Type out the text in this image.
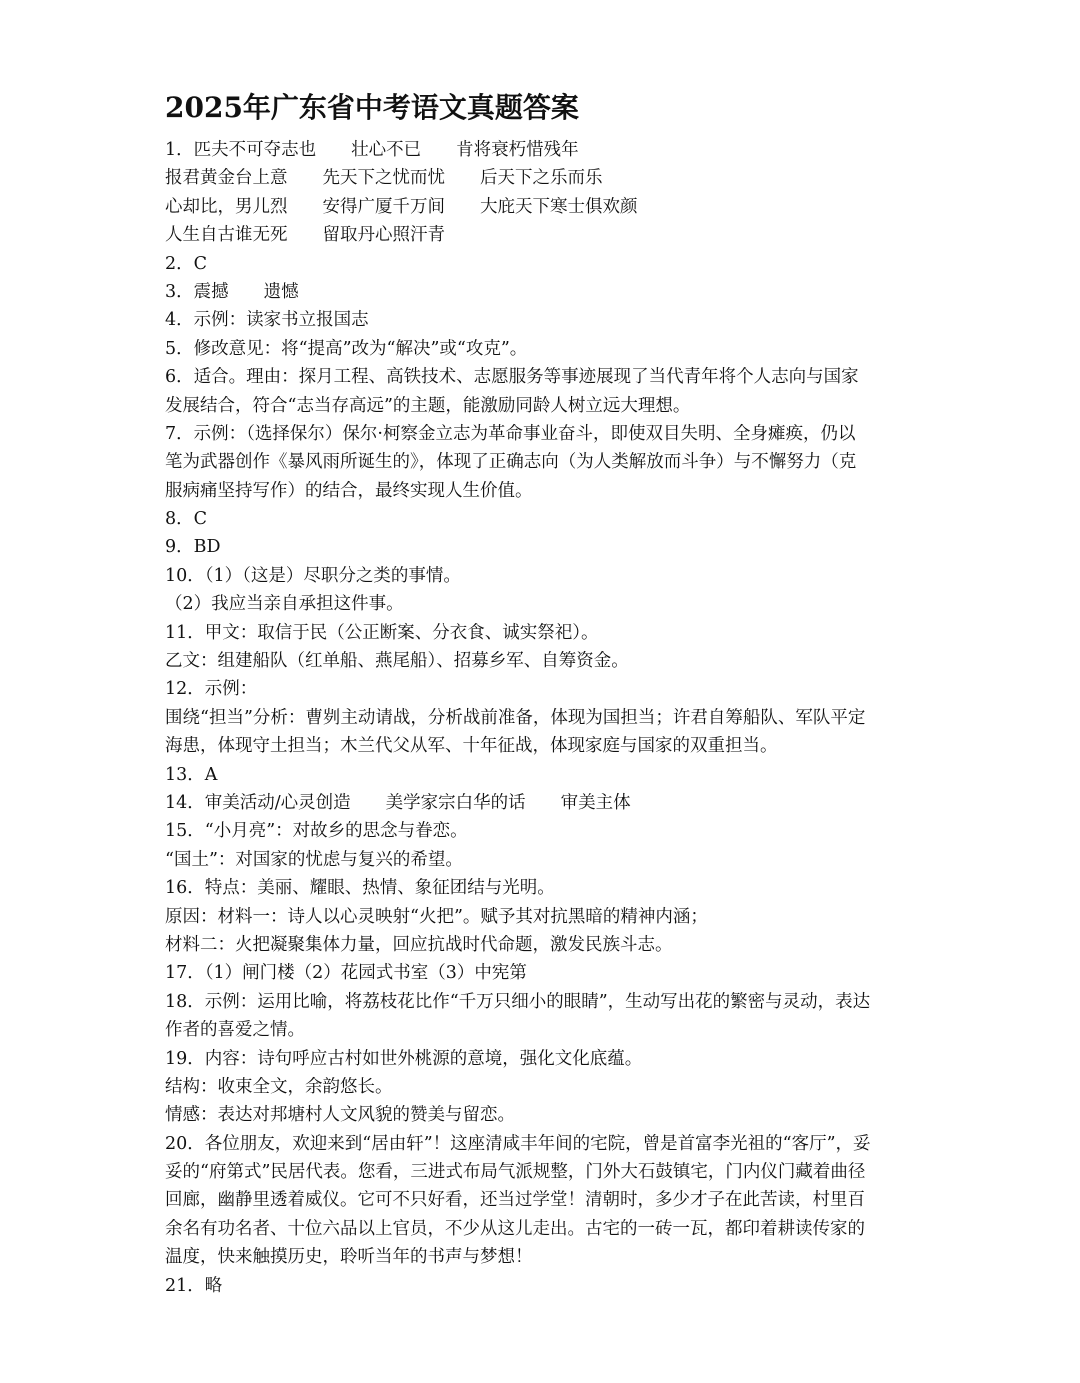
2025年广东省中考语文真题答案
1．匹夫不可夺志也　　壮心不已　　肯将衰朽惜残年
报君黄金台上意　　先天下之忧而忧　　后天下之乐而乐
心却比，男儿烈　　安得广厦千万间　　大庇天下寒士俱欢颜
人生自古谁无死　　留取丹心照汗青
2．C
3．震撼　　遗憾
4．示例：读家书立报国志
5．修改意见：将“提高”改为“解决”或“攻克”。
6．适合。理由：探月工程、高铁技术、志愿服务等事迹展现了当代青年将个人志向与国家
发展结合，符合“志当存高远”的主题，能激励同龄人树立远大理想。
7．示例：（选择保尔）保尔·柯察金立志为革命事业奋斗，即使双目失明、全身瘫痪，仍以
笔为武器创作《暴风雨所诞生的》，体现了正确志向（为人类解放而斗争）与不懈努力（克
服病痛坚持写作）的结合，最终实现人生价值。
8．C
9．BD
10．（1）（这是）尽职分之类的事情。
（2）我应当亲自承担这件事。
11．甲文：取信于民（公正断案、分衣食、诚实祭祀）。
乙文：组建船队（红单船、燕尾船）、招募乡军、自筹资金。
12．示例：
围绕“担当”分析：曹刿主动请战，分析战前准备，体现为国担当；许君自筹船队、军队平定
海患，体现守土担当；木兰代父从军、十年征战，体现家庭与国家的双重担当。
13．A
14．审美活动/心灵创造　　美学家宗白华的话　　审美主体
15．“小月亮”：对故乡的思念与眷恋。
“国土”：对国家的忧虑与复兴的希望。
16．特点：美丽、耀眼、热情、象征团结与光明。
原因：材料一：诗人以心灵映射“火把”。赋予其对抗黑暗的精神内涵；
材料二：火把凝聚集体力量，回应抗战时代命题，激发民族斗志。
17．（1）闸门楼（2）花园式书室（3）中宪第
18．示例：运用比喻，将荔枝花比作“千万只细小的眼睛”，生动写出花的繁密与灵动，表达
作者的喜爱之情。
19．内容：诗句呼应古村如世外桃源的意境，强化文化底蕴。
结构：收束全文，余韵悠长。
情感：表达对邦塘村人文风貌的赞美与留恋。
20．各位朋友，欢迎来到“居由轩”！这座清咸丰年间的宅院，曾是首富李光祖的“客厅”，妥
妥的“府第式”民居代表。您看，三进式布局气派规整，门外大石鼓镇宅，门内仪门藏着曲径
回廊，幽静里透着威仪。它可不只好看，还当过学堂！清朝时，多少才子在此苦读，村里百
余名有功名者、十位六品以上官员，不少从这儿走出。古宅的一砖一瓦，都印着耕读传家的
温度，快来触摸历史，聆听当年的书声与梦想！
21．略
